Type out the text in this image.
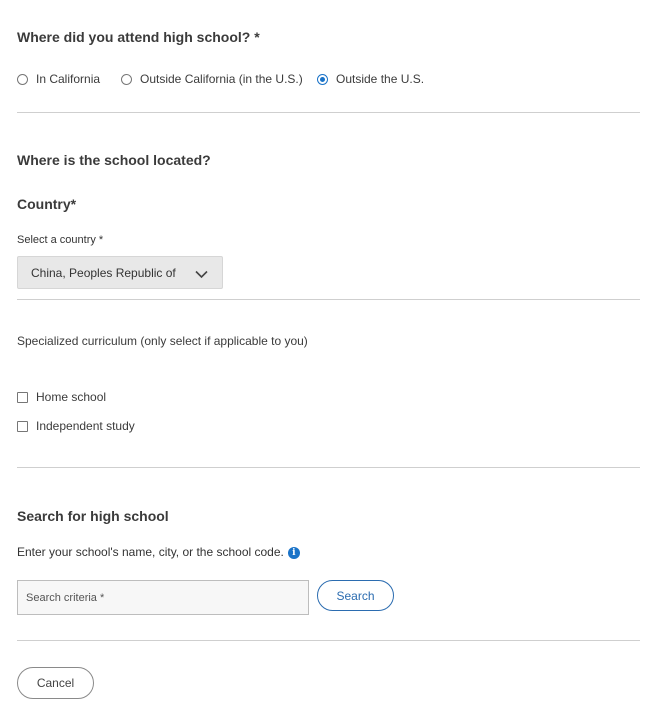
Where did you attend high school? *
In California	Outside California (in the U.S.)	Outside the U.S.
Where is the school located?
Country*
Select a country *
China, Peoples Republic of
Specialized curriculum (only select if applicable to you)
Home school
Independent study
Search for high school
Enter your school's name, city, or the school code. i
Search criteria *
Search
Cancel
